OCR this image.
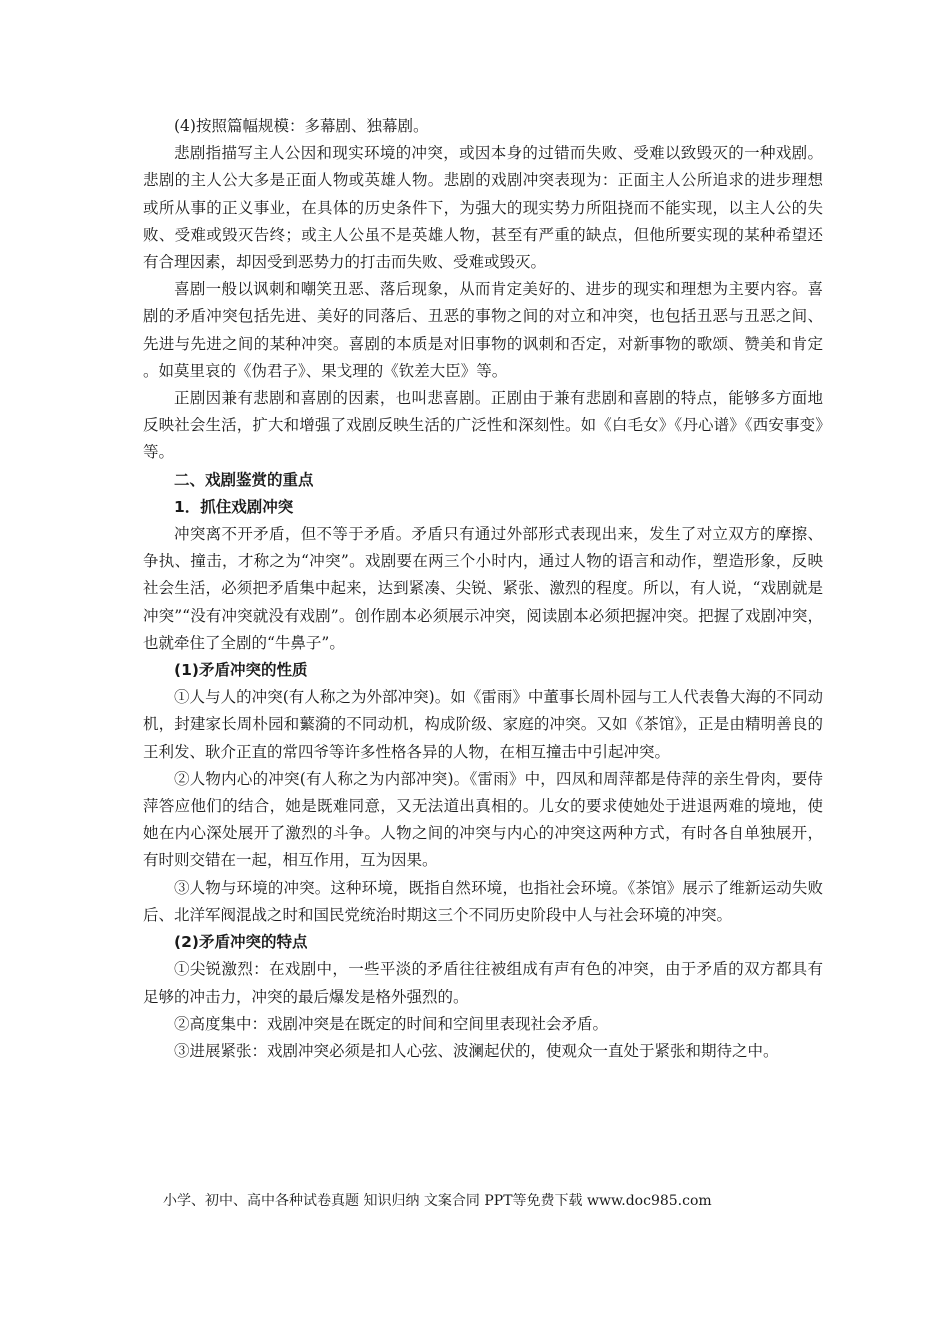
(4)按照篇幅规模：多幕剧、独幕剧。

悲剧指描写主人公因和现实环境的冲突，或因本身的过错而失败、受难以致毁灭的一种戏剧。悲剧的主人公大多是正面人物或英雄人物。悲剧的戏剧冲突表现为：正面主人公所追求的进步理想或所从事的正义事业，在具体的历史条件下，为强大的现实势力所阻挠而不能实现，以主人公的失败、受难或毁灭告终；或主人公虽不是英雄人物，甚至有严重的缺点，但他所要实现的某种希望还有合理因素，却因受到恶势力的打击而失败、受难或毁灭。

喜剧一般以讽刺和嘲笑丑恶、落后现象，从而肯定美好的、进步的现实和理想为主要内容。喜剧的矛盾冲突包括先进、美好的同落后、丑恶的事物之间的对立和冲突，也包括丑恶与丑恶之间、先进与先进之间的某种冲突。喜剧的本质是对旧事物的讽刺和否定，对新事物的歌颂、赞美和肯定。如莫里哀的《伪君子》、果戈理的《钦差大臣》等。

正剧因兼有悲剧和喜剧的因素，也叫悲喜剧。正剧由于兼有悲剧和喜剧的特点，能够多方面地反映社会生活，扩大和增强了戏剧反映生活的广泛性和深刻性。如《白毛女》《丹心谱》《西安事变》等。

二、戏剧鉴赏的重点

1．抓住戏剧冲突

冲突离不开矛盾，但不等于矛盾。矛盾只有通过外部形式表现出来，发生了对立双方的摩擦、争执、撞击，才称之为“冲突”。戏剧要在两三个小时内，通过人物的语言和动作，塑造形象，反映社会生活，必须把矛盾集中起来，达到紧凑、尖锐、紧张、激烈的程度。所以，有人说，“戏剧就是冲突”“没有冲突就没有戏剧”。创作剧本必须展示冲突，阅读剧本必须把握冲突。把握了戏剧冲突，也就牵住了全剧的“牛鼻子”。

(1)矛盾冲突的性质

①人与人的冲突(有人称之为外部冲突)。如《雷雨》中董事长周朴园与工人代表鲁大海的不同动机，封建家长周朴园和蘩漪的不同动机，构成阶级、家庭的冲突。又如《茶馆》，正是由精明善良的王利发、耿介正直的常四爷等许多性格各异的人物，在相互撞击中引起冲突。

②人物内心的冲突(有人称之为内部冲突)。《雷雨》中，四凤和周萍都是侍萍的亲生骨肉，要侍萍答应他们的结合，她是既难同意，又无法道出真相的。儿女的要求使她处于进退两难的境地，使她在内心深处展开了激烈的斗争。人物之间的冲突与内心的冲突这两种方式，有时各自单独展开，有时则交错在一起，相互作用，互为因果。

③人物与环境的冲突。这种环境，既指自然环境，也指社会环境。《茶馆》展示了维新运动失败后、北洋军阀混战之时和国民党统治时期这三个不同历史阶段中人与社会环境的冲突。

(2)矛盾冲突的特点

①尖锐激烈：在戏剧中，一些平淡的矛盾往往被组成有声有色的冲突，由于矛盾的双方都具有足够的冲击力，冲突的最后爆发是格外强烈的。

②高度集中：戏剧冲突是在既定的时间和空间里表现社会矛盾。

③进展紧张：戏剧冲突必须是扣人心弦、波澜起伏的，使观众一直处于紧张和期待之中。

小学、初中、高中各种试卷真题 知识归纳 文案合同 PPT等免费下载 www.doc985.com
